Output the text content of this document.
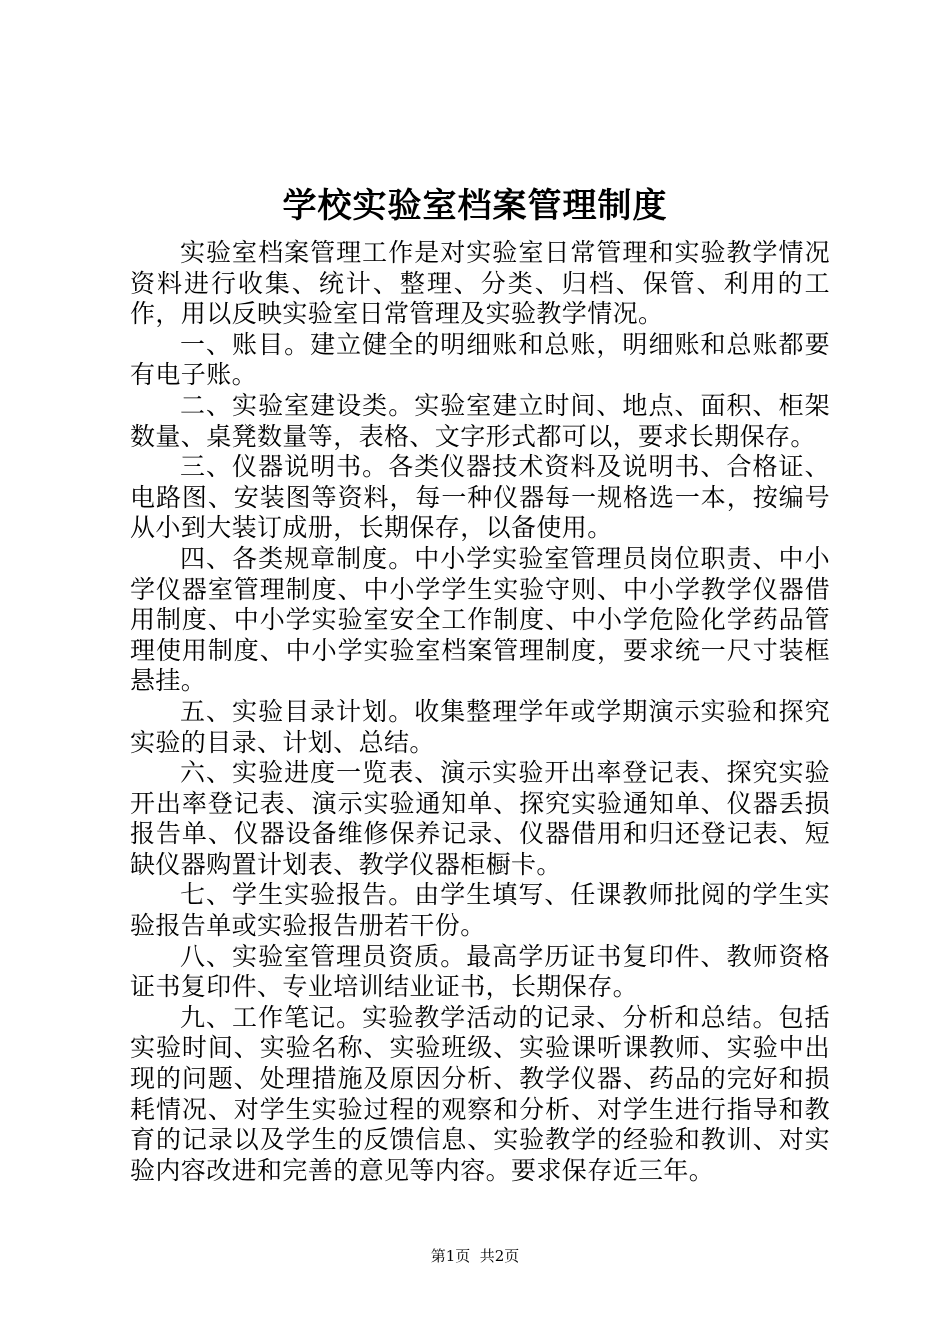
学校实验室档案管理制度

实验室档案管理工作是对实验室日常管理和实验教学情况资料进行收集、统计、整理、分类、归档、保管、利用的工作，用以反映实验室日常管理及实验教学情况。

一、账目。建立健全的明细账和总账，明细账和总账都要有电子账。

二、实验室建设类。实验室建立时间、地点、面积、柜架数量、桌凳数量等，表格、文字形式都可以，要求长期保存。

三、仪器说明书。各类仪器技术资料及说明书、合格证、电路图、安装图等资料，每一种仪器每一规格选一本，按编号从小到大装订成册，长期保存，以备使用。

四、各类规章制度。中小学实验室管理员岗位职责、中小学仪器室管理制度、中小学学生实验守则、中小学教学仪器借用制度、中小学实验室安全工作制度、中小学危险化学药品管理使用制度、中小学实验室档案管理制度，要求统一尺寸装框悬挂。

五、实验目录计划。收集整理学年或学期演示实验和探究实验的目录、计划、总结。

六、实验进度一览表、演示实验开出率登记表、探究实验开出率登记表、演示实验通知单、探究实验通知单、仪器丢损报告单、仪器设备维修保养记录、仪器借用和归还登记表、短缺仪器购置计划表、教学仪器柜橱卡。

七、学生实验报告。由学生填写、任课教师批阅的学生实验报告单或实验报告册若干份。

八、实验室管理员资质。最高学历证书复印件、教师资格证书复印件、专业培训结业证书，长期保存。

九、工作笔记。实验教学活动的记录、分析和总结。包括实验时间、实验名称、实验班级、实验课听课教师、实验中出现的问题、处理措施及原因分析、教学仪器、药品的完好和损耗情况、对学生实验过程的观察和分析、对学生进行指导和教育的记录以及学生的反馈信息、实验教学的经验和教训、对实验内容改进和完善的意见等内容。要求保存近三年。

第1页  共2页
